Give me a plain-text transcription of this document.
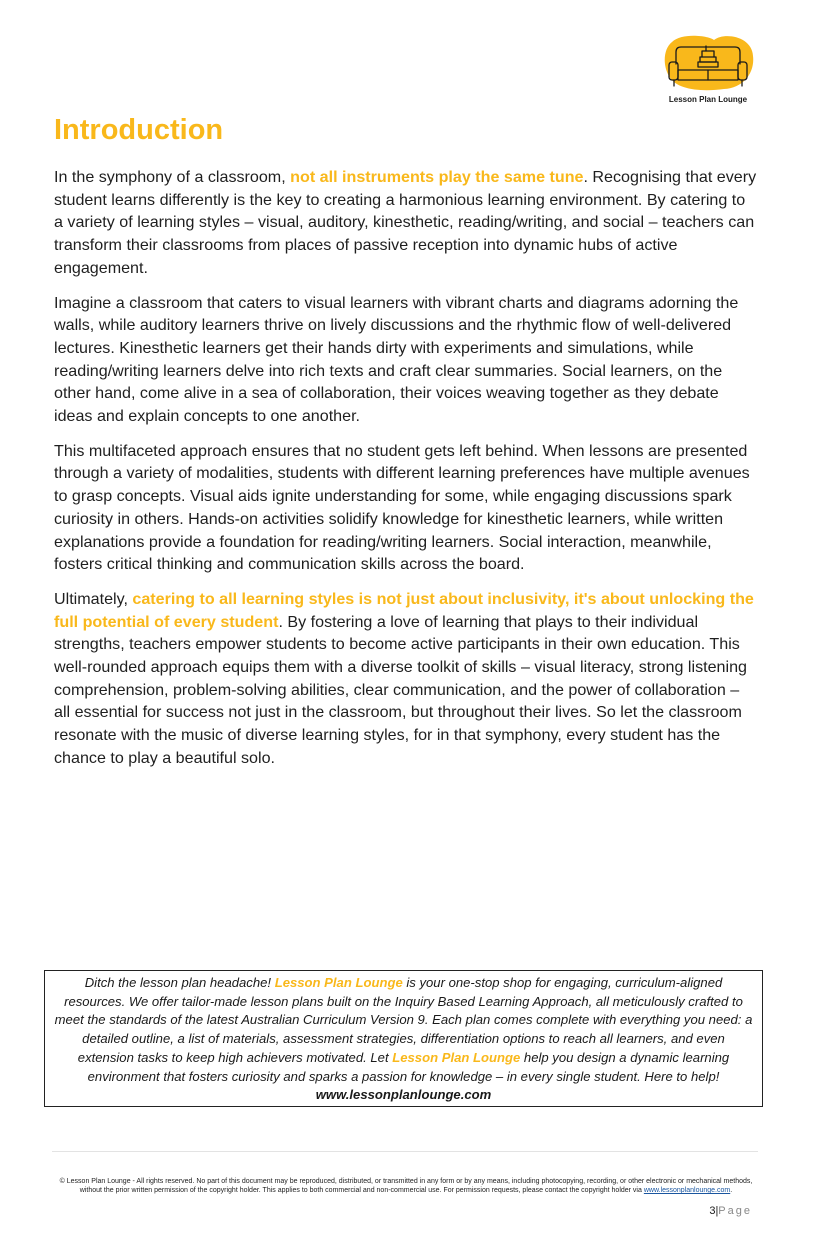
Lesson Plan Lounge
Introduction

In the symphony of a classroom, not all instruments play the same tune. Recognising that every student learns differently is the key to creating a harmonious learning environment. By catering to a variety of learning styles – visual, auditory, kinesthetic, reading/writing, and social – teachers can transform their classrooms from places of passive reception into dynamic hubs of active engagement.

Imagine a classroom that caters to visual learners with vibrant charts and diagrams adorning the walls, while auditory learners thrive on lively discussions and the rhythmic flow of well-delivered lectures. Kinesthetic learners get their hands dirty with experiments and simulations, while reading/writing learners delve into rich texts and craft clear summaries. Social learners, on the other hand, come alive in a sea of collaboration, their voices weaving together as they debate ideas and explain concepts to one another.

This multifaceted approach ensures that no student gets left behind. When lessons are presented through a variety of modalities, students with different learning preferences have multiple avenues to grasp concepts. Visual aids ignite understanding for some, while engaging discussions spark curiosity in others. Hands-on activities solidify knowledge for kinesthetic learners, while written explanations provide a foundation for reading/writing learners. Social interaction, meanwhile, fosters critical thinking and communication skills across the board.

Ultimately, catering to all learning styles is not just about inclusivity, it's about unlocking the full potential of every student. By fostering a love of learning that plays to their individual strengths, teachers empower students to become active participants in their own education. This well-rounded approach equips them with a diverse toolkit of skills – visual literacy, strong listening comprehension, problem-solving abilities, clear communication, and the power of collaboration – all essential for success not just in the classroom, but throughout their lives. So let the classroom resonate with the music of diverse learning styles, for in that symphony, every student has the chance to play a beautiful solo.

Ditch the lesson plan headache! Lesson Plan Lounge is your one-stop shop for engaging, curriculum-aligned resources. We offer tailor-made lesson plans built on the Inquiry Based Learning Approach, all meticulously crafted to meet the standards of the latest Australian Curriculum Version 9. Each plan comes complete with everything you need: a detailed outline, a list of materials, assessment strategies, differentiation options to reach all learners, and even extension tasks to keep high achievers motivated. Let Lesson Plan Lounge help you design a dynamic learning environment that fosters curiosity and sparks a passion for knowledge – in every single student. Here to help! www.lessonplanlounge.com
© Lesson Plan Lounge - All rights reserved. No part of this document may be reproduced, distributed, or transmitted in any form or by any means, including photocopying, recording, or other electronic or mechanical methods, without the prior written permission of the copyright holder. This applies to both commercial and non-commercial use. For permission requests, please contact the copyright holder via www.lessonplanlounge.com.
3|Page
